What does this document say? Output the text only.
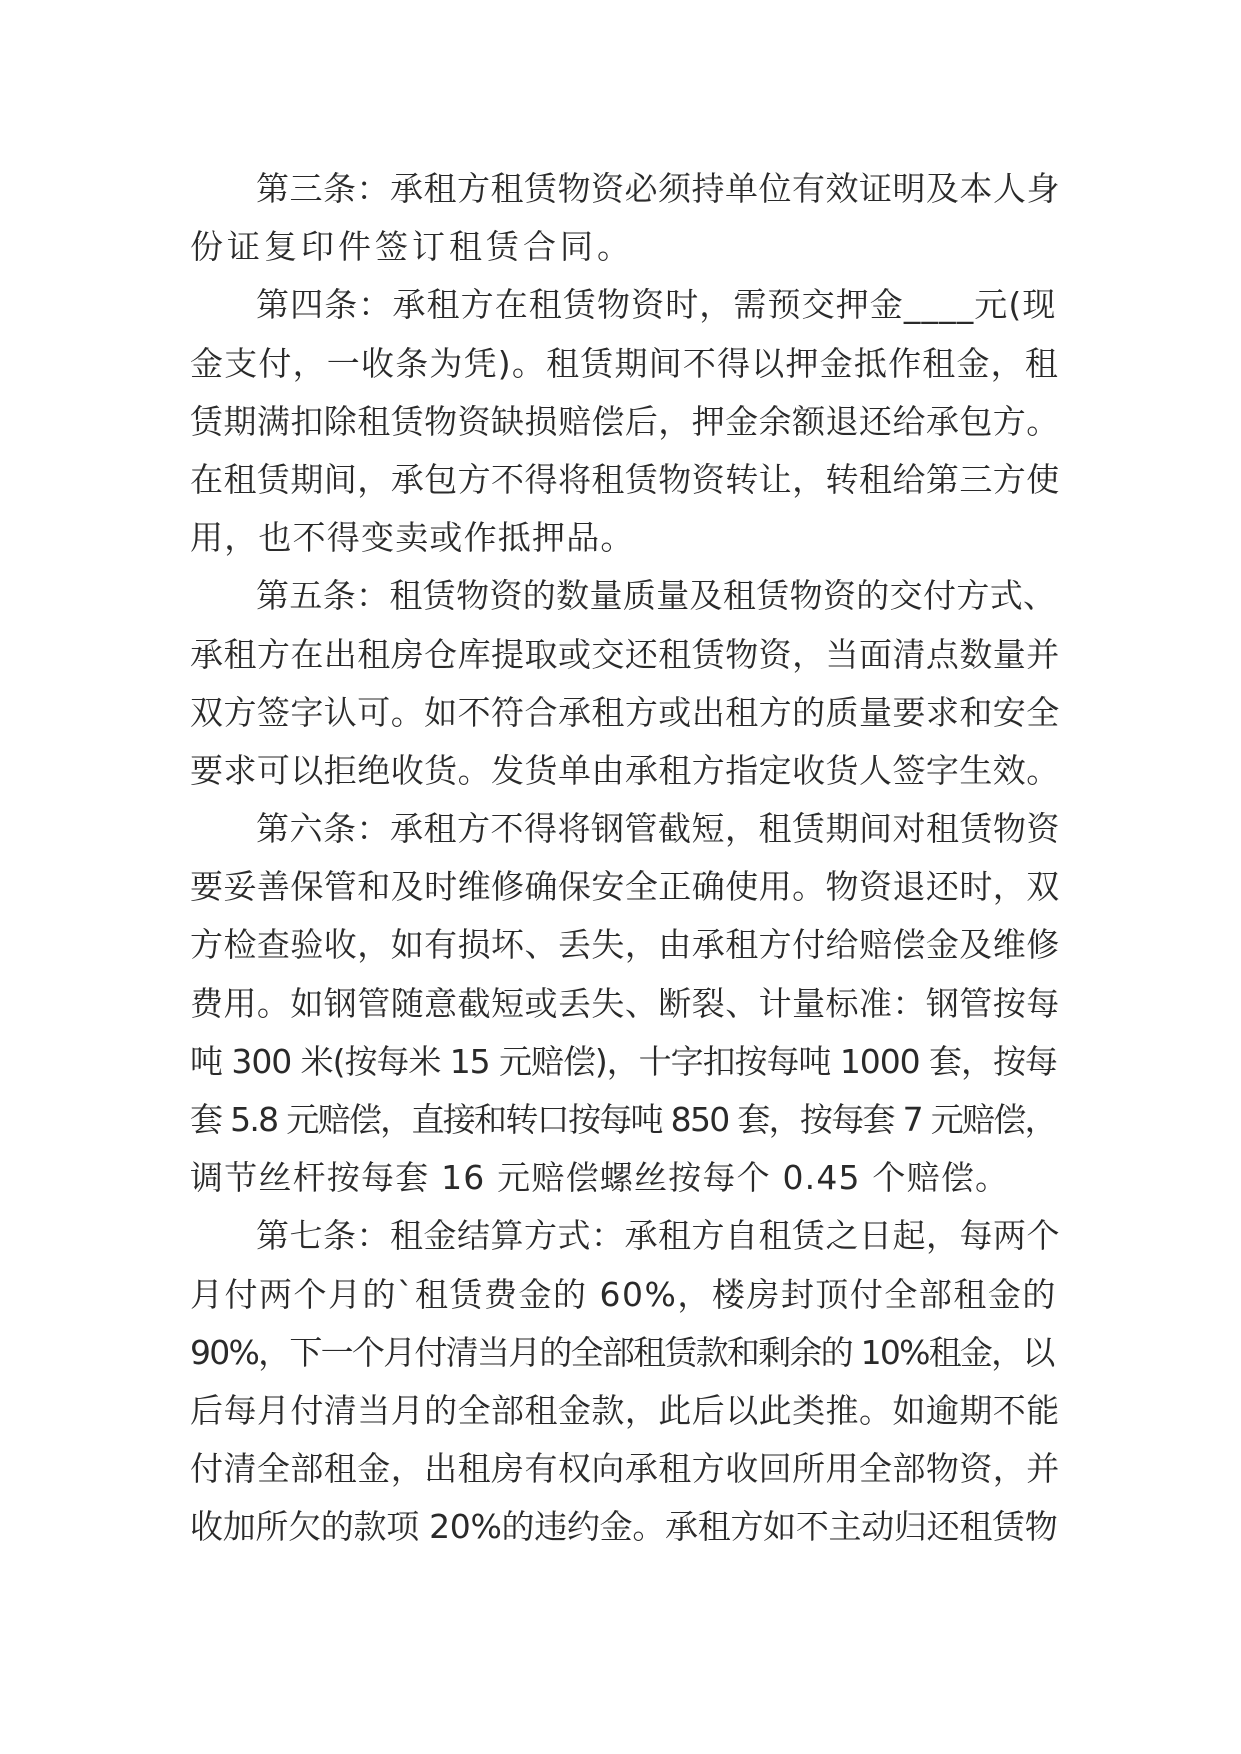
第三条：承租方租赁物资必须持单位有效证明及本人身
份证复印件签订租赁合同。
第四条：承租方在租赁物资时，需预交押金____元(现
金支付，一收条为凭)。租赁期间不得以押金抵作租金，租
赁期满扣除租赁物资缺损赔偿后，押金余额退还给承包方。
在租赁期间，承包方不得将租赁物资转让，转租给第三方使
用，也不得变卖或作抵押品。
第五条：租赁物资的数量质量及租赁物资的交付方式、
承租方在出租房仓库提取或交还租赁物资，当面清点数量并
双方签字认可。如不符合承租方或出租方的质量要求和安全
要求可以拒绝收货。发货单由承租方指定收货人签字生效。
第六条：承租方不得将钢管截短，租赁期间对租赁物资
要妥善保管和及时维修确保安全正确使用。物资退还时，双
方检查验收，如有损坏、丢失，由承租方付给赔偿金及维修
费用。如钢管随意截短或丢失、断裂、计量标准：钢管按每
吨 300 米(按每米 15 元赔偿)，十字扣按每吨 1000 套，按每
套 5.8 元赔偿，直接和转口按每吨 850 套，按每套 7 元赔偿，
调节丝杆按每套 16 元赔偿螺丝按每个 0.45 个赔偿。
第七条：租金结算方式：承租方自租赁之日起，每两个
月付两个月的`租赁费金的 60%，楼房封顶付全部租金的
90%，下一个月付清当月的全部租赁款和剩余的 10%租金，以
后每月付清当月的全部租金款，此后以此类推。如逾期不能
付清全部租金，出租房有权向承租方收回所用全部物资，并
收加所欠的款项 20%的违约金。承租方如不主动归还租赁物
